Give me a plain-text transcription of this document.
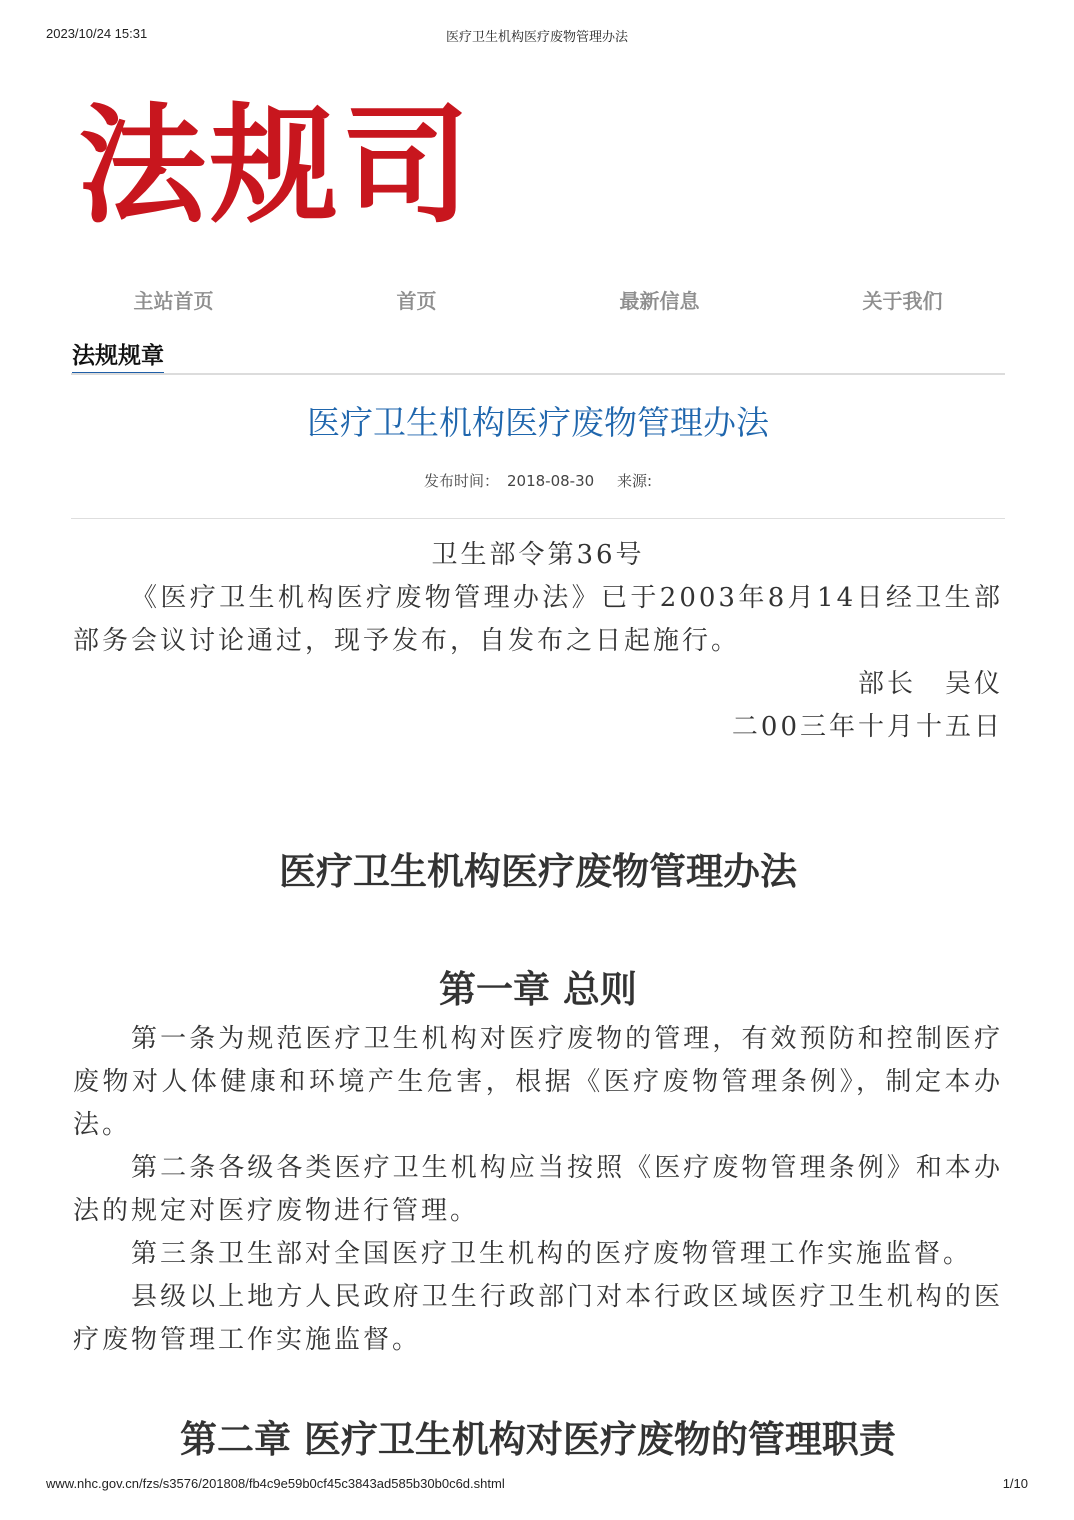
2023/10/24 15:31	医疗卫生机构医疗废物管理办法
法规司
主站首页	首页	最新信息	关于我们
法规规章
医疗卫生机构医疗废物管理办法
发布时间： 2018-08-30 来源:

卫生部令第36号

《医疗卫生机构医疗废物管理办法》已于2003年8月14日经卫生部部务会议讨论通过，现予发布，自发布之日起施行。

部长　吴仪

二00三年十月十五日

医疗卫生机构医疗废物管理办法
第一章 总则

第一条为规范医疗卫生机构对医疗废物的管理，有效预防和控制医疗废物对人体健康和环境产生危害，根据《医疗废物管理条例》，制定本办法。

第二条各级各类医疗卫生机构应当按照《医疗废物管理条例》和本办法的规定对医疗废物进行管理。

第三条卫生部对全国医疗卫生机构的医疗废物管理工作实施监督。

县级以上地方人民政府卫生行政部门对本行政区域医疗卫生机构的医疗废物管理工作实施监督。

第二章 医疗卫生机构对医疗废物的管理职责
www.nhc.gov.cn/fzs/s3576/201808/fb4c9e59b0cf45c3843ad585b30b0c6d.shtml	1/10
